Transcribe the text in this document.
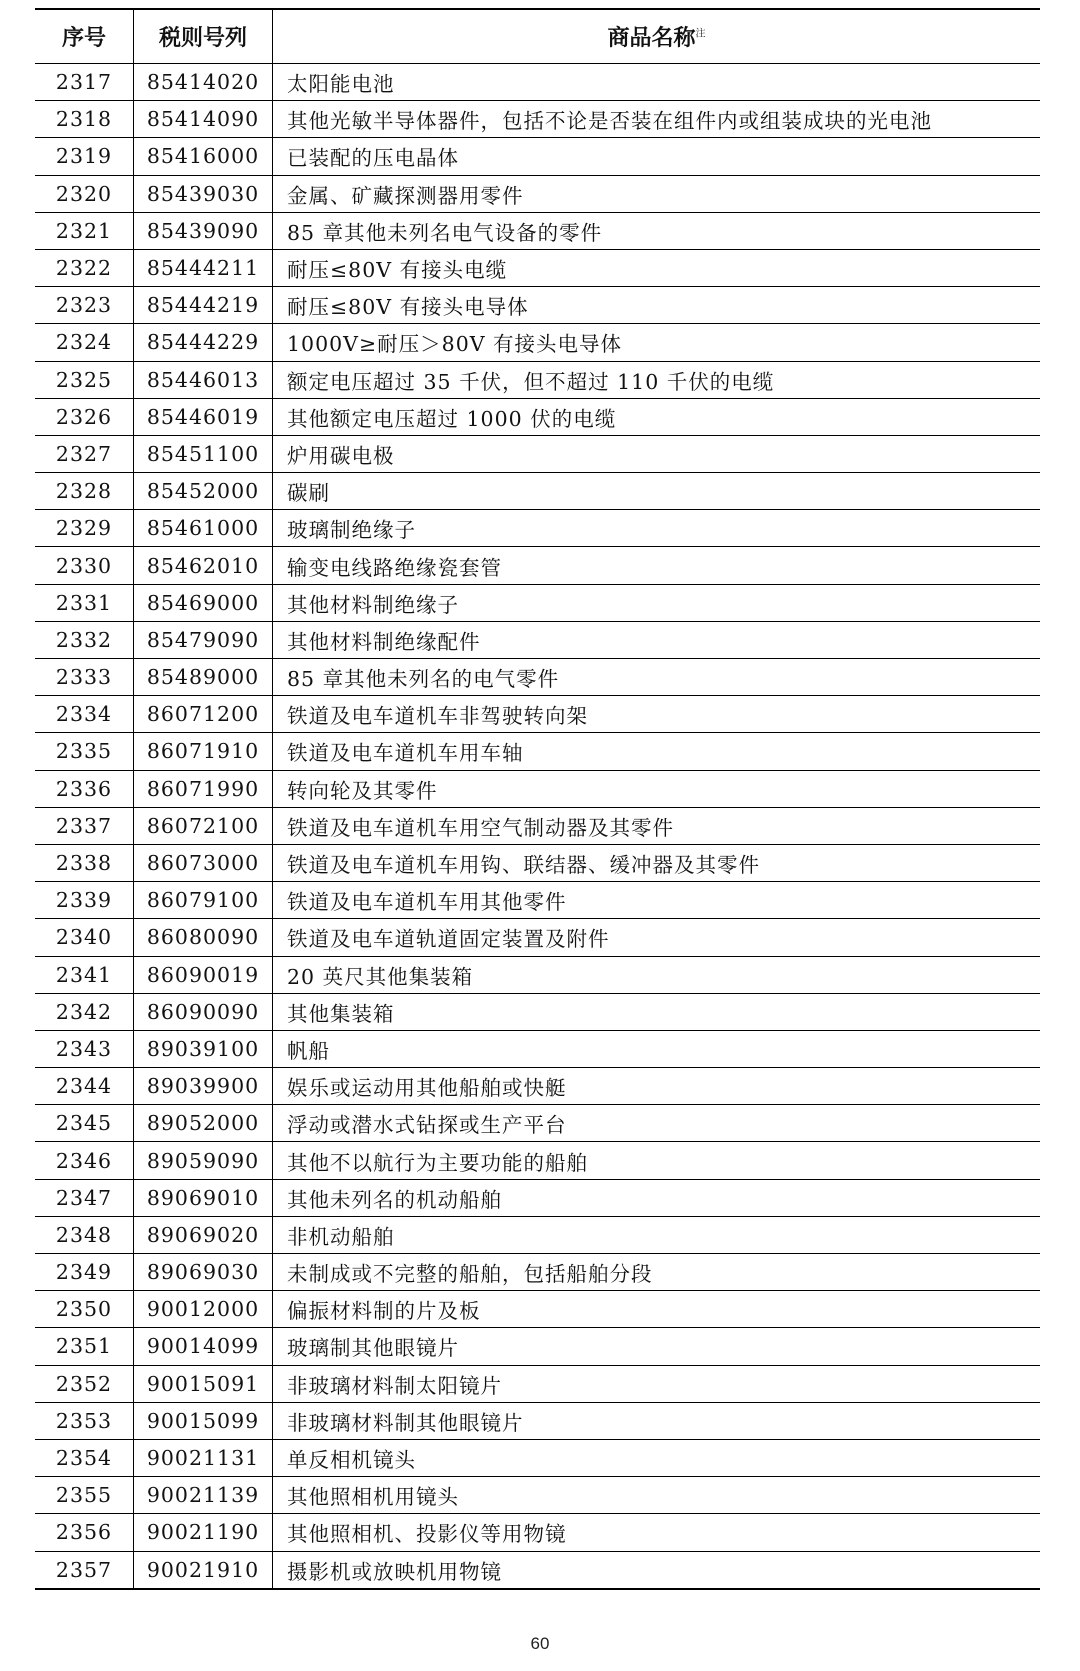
序号	税则号列	商品名称$^注$
2317	85414020	太阳能电池
2318	85414090	其他光敏半导体器件，包括不论是否装在组件内或组装成块的光电池
2319	85416000	已装配的压电晶体
2320	85439030	金属、矿藏探测器用零件
2321	85439090	85 章其他未列名电气设备的零件
2322	85444211	耐压≤80V 有接头电缆
2323	85444219	耐压≤80V 有接头电导体
2324	85444229	1000V≥耐压＞80V 有接头电导体
2325	85446013	额定电压超过 35 千伏，但不超过 110 千伏的电缆
2326	85446019	其他额定电压超过 1000 伏的电缆
2327	85451100	炉用碳电极
2328	85452000	碳刷
2329	85461000	玻璃制绝缘子
2330	85462010	输变电线路绝缘瓷套管
2331	85469000	其他材料制绝缘子
2332	85479090	其他材料制绝缘配件
2333	85489000	85 章其他未列名的电气零件
2334	86071200	铁道及电车道机车非驾驶转向架
2335	86071910	铁道及电车道机车用车轴
2336	86071990	转向轮及其零件
2337	86072100	铁道及电车道机车用空气制动器及其零件
2338	86073000	铁道及电车道机车用钩、联结器、缓冲器及其零件
2339	86079100	铁道及电车道机车用其他零件
2340	86080090	铁道及电车道轨道固定装置及附件
2341	86090019	20 英尺其他集装箱
2342	86090090	其他集装箱
2343	89039100	帆船
2344	89039900	娱乐或运动用其他船舶或快艇
2345	89052000	浮动或潜水式钻探或生产平台
2346	89059090	其他不以航行为主要功能的船舶
2347	89069010	其他未列名的机动船舶
2348	89069020	非机动船舶
2349	89069030	未制成或不完整的船舶，包括船舶分段
2350	90012000	偏振材料制的片及板
2351	90014099	玻璃制其他眼镜片
2352	90015091	非玻璃材料制太阳镜片
2353	90015099	非玻璃材料制其他眼镜片
2354	90021131	单反相机镜头
2355	90021139	其他照相机用镜头
2356	90021190	其他照相机、投影仪等用物镜
2357	90021910	摄影机或放映机用物镜
60
